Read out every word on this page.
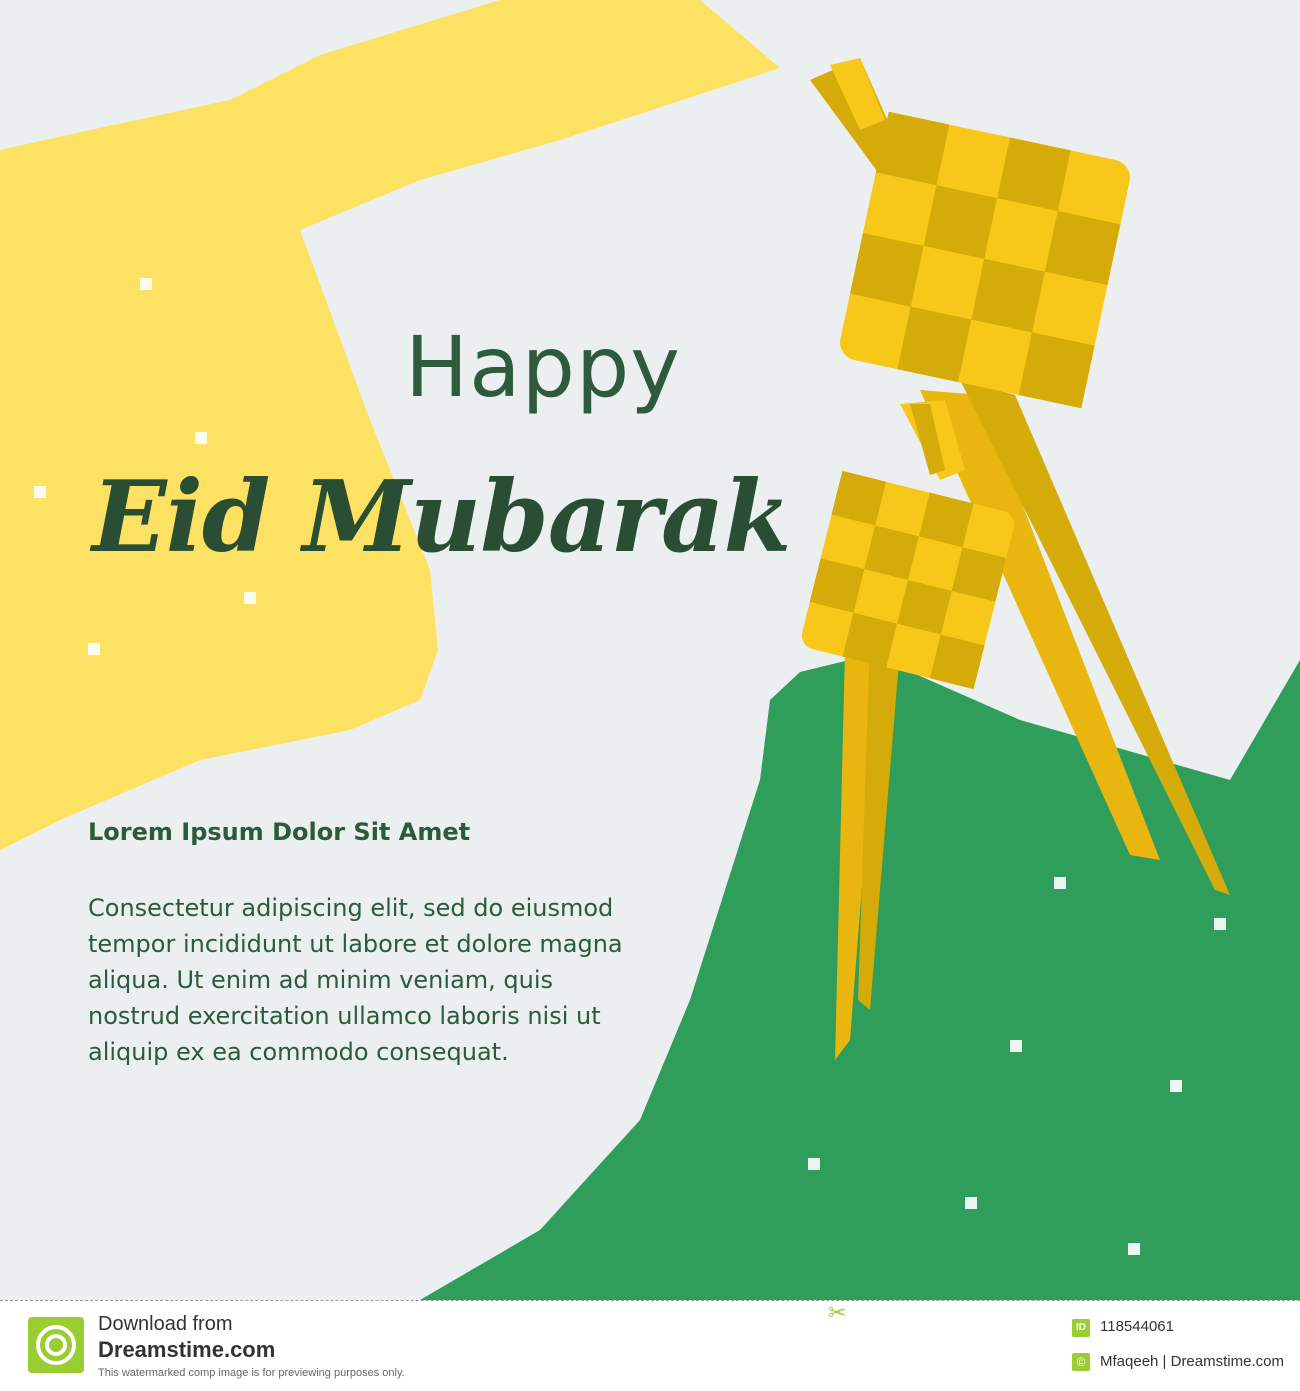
Happy
Eid Mubarak
Lorem Ipsum Dolor Sit Amet
Consectetur adipiscing elit, sed do eiusmod
tempor incididunt ut labore et dolore magna
aliqua. Ut enim ad minim veniam, quis
nostrud exercitation ullamco laboris nisi ut
aliquip ex ea commodo consequat.
✂
Download from
Dreamstime.com
This watermarked comp image is for previewing purposes only.
ID 118544061
© Mfaqeeh | Dreamstime.com
